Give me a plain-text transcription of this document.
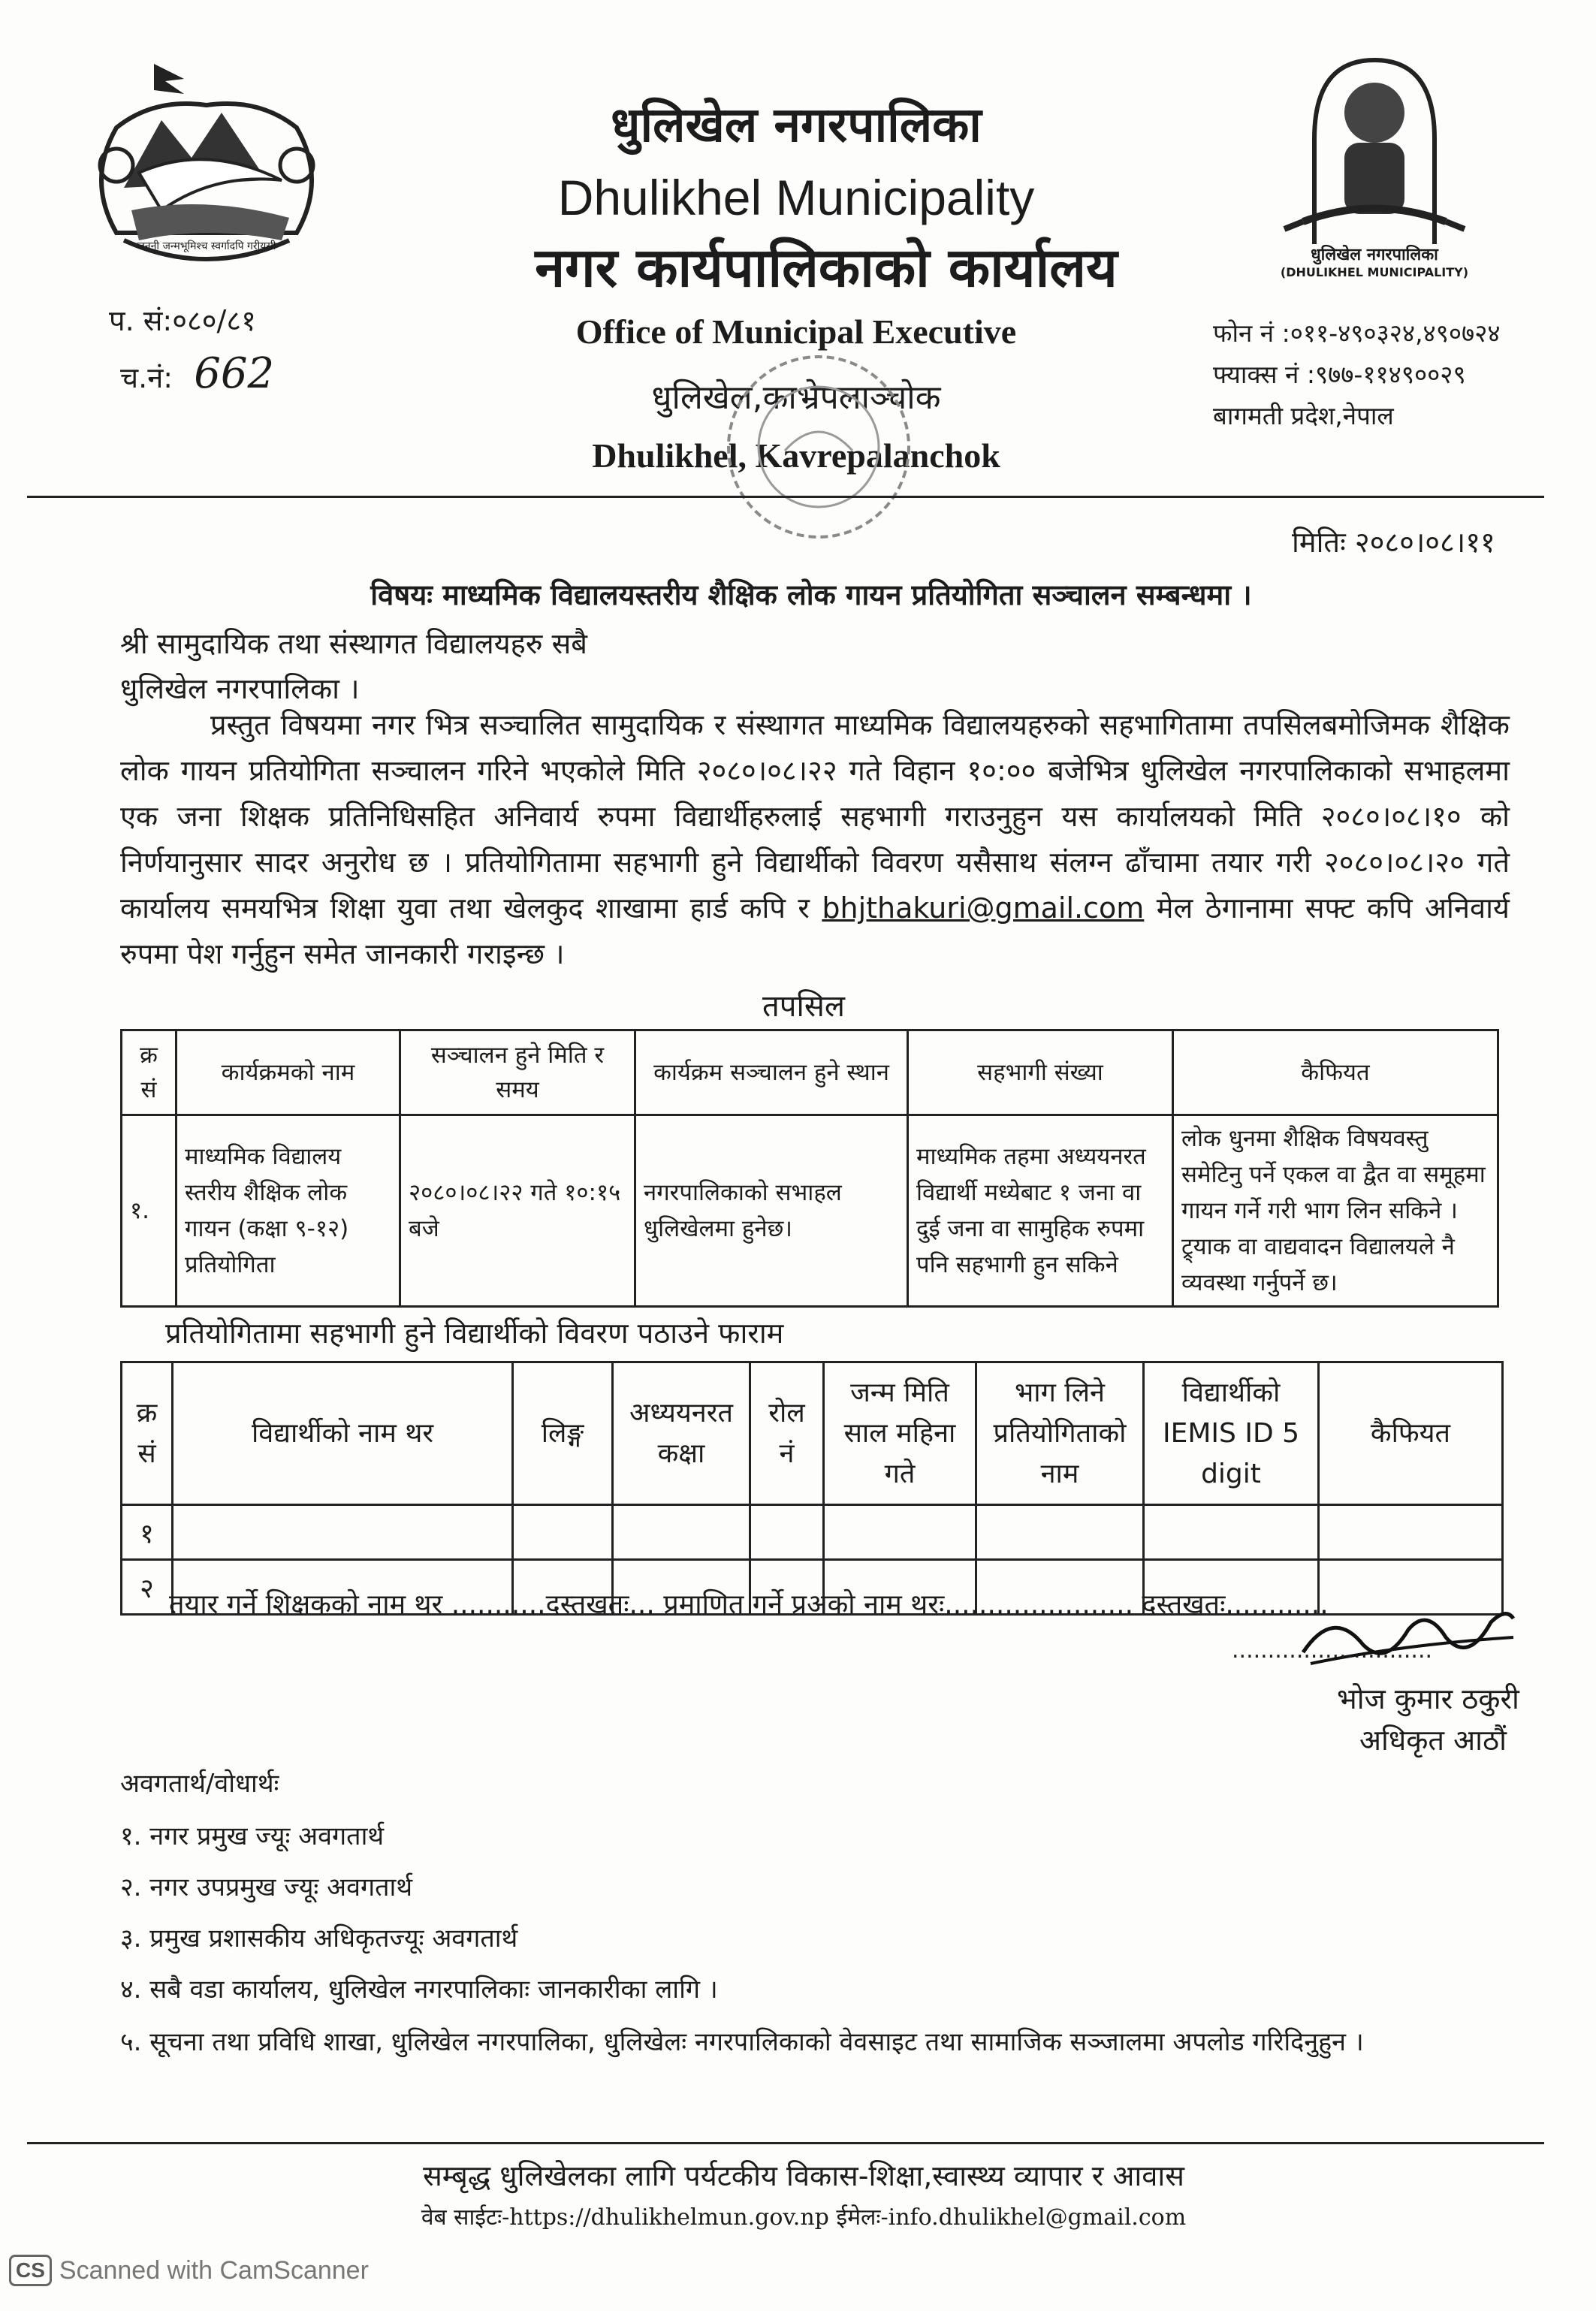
जननी जन्मभूमिश्च स्वर्गादपि गरीयसी	धुलिखेल नगरपालिका
(DHULIKHEL MUNICIPALITY)
धुलिखेल नगरपालिका
Dhulikhel Municipality
नगर कार्यपालिकाको कार्यालय
Office of Municipal Executive
धुलिखेल,काभ्रेपलाञ्चोक
Dhulikhel, Kavrepalanchok
प. सं:०८०/८१
च.नं: 662
फोन नं :०११-४९०३२४,४९०७२४
फ्याक्स नं :९७७-११४९००२९
बागमती प्रदेश,नेपाल
मितिः २०८०।०८।११
विषयः माध्यमिक विद्यालयस्तरीय शैक्षिक लोक गायन प्रतियोगिता सञ्चालन सम्बन्धमा ।
श्री सामुदायिक तथा संस्थागत विद्यालयहरु सबै
धुलिखेल नगरपालिका ।
प्रस्तुत विषयमा नगर भित्र सञ्चालित सामुदायिक र संस्थागत माध्यमिक विद्यालयहरुको सहभागितामा तपसिलबमोजिमक शैक्षिक लोक गायन प्रतियोगिता सञ्चालन गरिने भएकोले मिति २०८०।०८।२२ गते विहान १०:०० बजेभित्र धुलिखेल नगरपालिकाको सभाहलमा एक जना शिक्षक प्रतिनिधिसहित अनिवार्य रुपमा विद्यार्थीहरुलाई सहभागी गराउनुहुन यस कार्यालयको मिति २०८०।०८।१० को निर्णयानुसार सादर अनुरोध छ । प्रतियोगितामा सहभागी हुने विद्यार्थीको विवरण यसैसाथ संलग्न ढाँचामा तयार गरी २०८०।०८।२० गते कार्यालय समयभित्र शिक्षा युवा तथा खेलकुद शाखामा हार्ड कपि र bhjthakuri@gmail.com मेल ठेगानामा सफ्ट कपि अनिवार्य रुपमा पेश गर्नुहुन समेत जानकारी गराइन्छ ।
तपसिल
क्र सं	कार्यक्रमको नाम	सञ्चालन हुने मिति र समय	कार्यक्रम सञ्चालन हुने स्थान	सहभागी संख्या	कैफियत
१.	माध्यमिक विद्यालय स्तरीय शैक्षिक लोक गायन (कक्षा ९-१२) प्रतियोगिता	२०८०।०८।२२ गते १०:१५ बजे	नगरपालिकाको सभाहल धुलिखेलमा हुनेछ।	माध्यमिक तहमा अध्ययनरत विद्यार्थी मध्येबाट १ जना वा दुई जना वा सामुहिक रुपमा पनि सहभागी हुन सकिने	लोक धुनमा शैक्षिक विषयवस्तु समेटिनु पर्ने एकल वा द्वैत वा समूहमा गायन गर्ने गरी भाग लिन सकिने । ट्र्याक वा वाद्यवादन विद्यालयले नै व्यवस्था गर्नुपर्ने छ।
प्रतियोगितामा सहभागी हुने विद्यार्थीको विवरण पठाउने फाराम
क्र सं	विद्यार्थीको नाम थर	लिङ्ग	अध्ययनरत कक्षा	रोल नं	जन्म मिति साल महिना गते	भाग लिने प्रतियोगिताको नाम	विद्यार्थीको IEMIS ID 5 digit	कैफियत
१								
२								
तयार गर्ने शिक्षकको नाम थर ...........दस्तखतः... प्रमाणित गर्ने प्रअको नाम थरः...................... दस्तखतः............
............................
भोज कुमार ठकुरी
अधिकृत आठौं
अवगतार्थ/वोधार्थः
१. नगर प्रमुख ज्यूः अवगतार्थ
२. नगर उपप्रमुख ज्यूः अवगतार्थ
३. प्रमुख प्रशासकीय अधिकृतज्यूः अवगतार्थ
४. सबै वडा कार्यालय, धुलिखेल नगरपालिकाः जानकारीका लागि ।
५. सूचना तथा प्रविधि शाखा, धुलिखेल नगरपालिका, धुलिखेलः नगरपालिकाको वेवसाइट तथा सामाजिक सञ्जालमा अपलोड गरिदिनुहुन ।
सम्बृद्ध धुलिखेलका लागि पर्यटकीय विकास-शिक्षा,स्वास्थ्य व्यापार र आवास
वेब साईटः-https://dhulikhelmun.gov.np ईमेलः-info.dhulikhel@gmail.com
CS Scanned with CamScanner
